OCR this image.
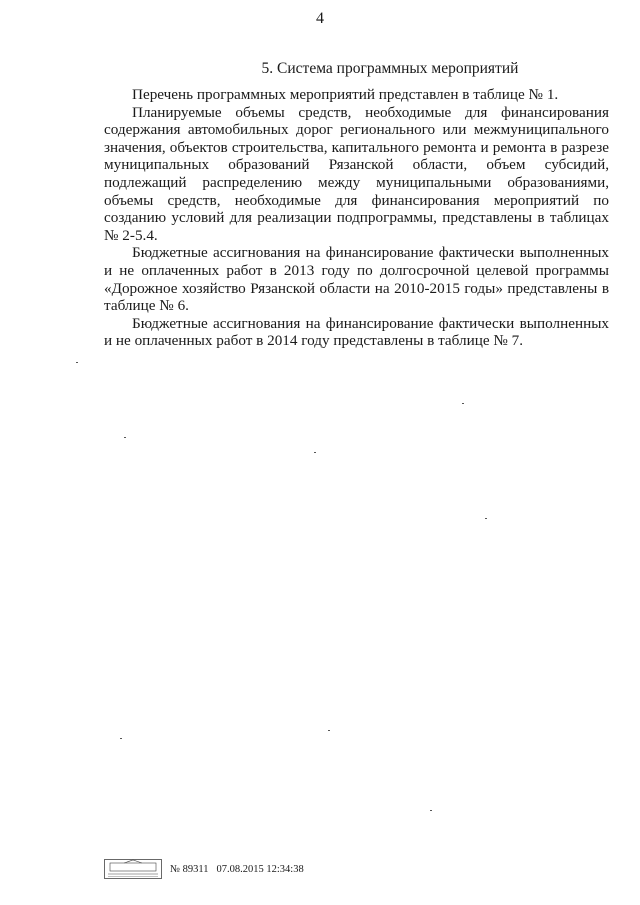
4
5. Система программных мероприятий

Перечень программных мероприятий представлен в таблице № 1.

Планируемые объемы средств, необходимые для финансирования содержания автомобильных дорог регионального или межмуниципального значения, объектов строительства, капитального ремонта и ремонта в разрезе муниципальных образований Рязанской области, объем субсидий, подлежащий распределению между муниципальными образованиями, объемы средств, необходимые для финансирования мероприятий по созданию условий для реализации подпрограммы, представлены в таблицах № 2-5.4.

Бюджетные ассигнования на финансирование фактически выполненных и не оплаченных работ в 2013 году по долгосрочной целевой программы «Дорожное хозяйство Рязанской области на 2010-2015 годы» представлены в таблице № 6.

Бюджетные ассигнования на финансирование фактически выполненных и не оплаченных работ в 2014 году представлены в таблице № 7.

№ 89311 07.08.2015 12:34:38
